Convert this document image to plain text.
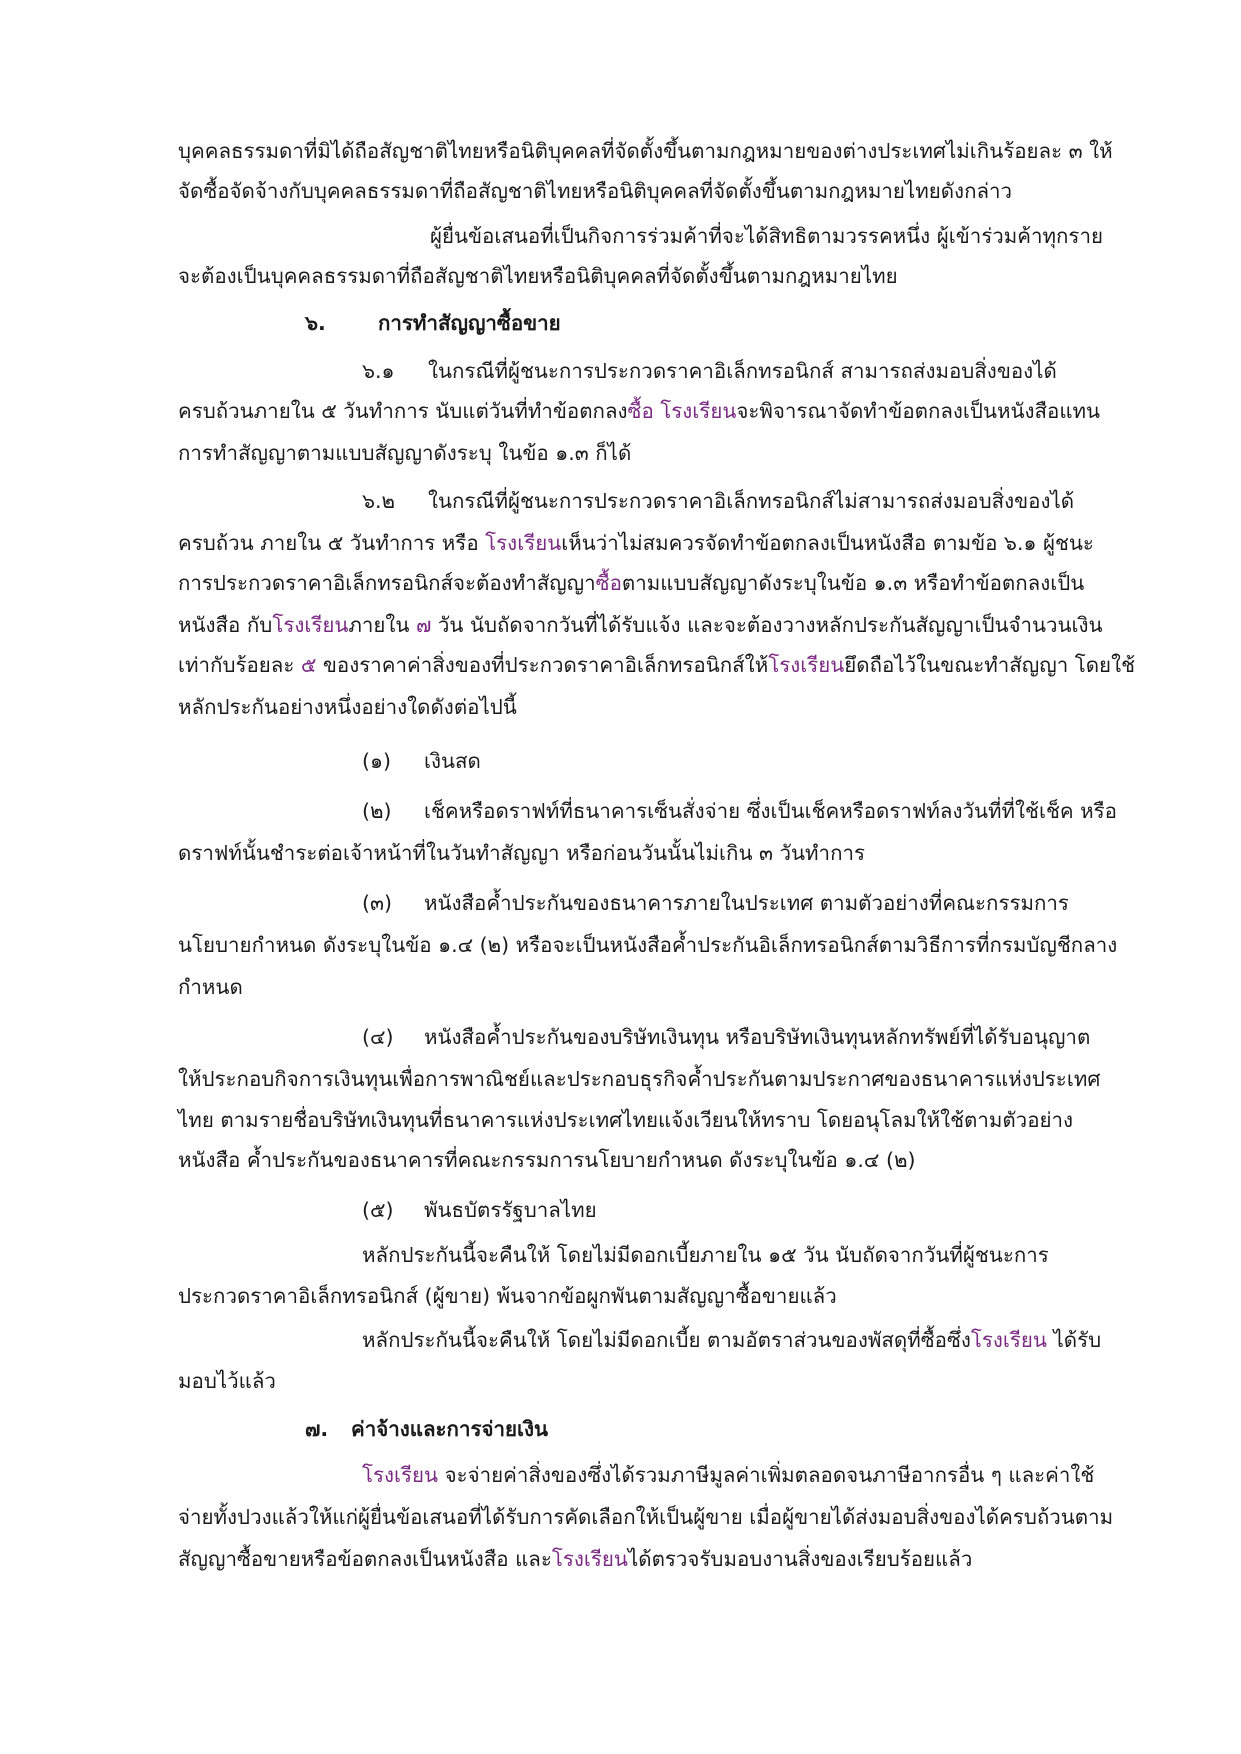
บุคคลธรรมดาที่มิได้ถือสัญชาติไทยหรือนิติบุคคลที่จัดตั้งขึ้นตามกฎหมายของต่างประเทศไม่เกินร้อยละ ๓ ให้
จัดซื้อจัดจ้างกับบุคคลธรรมดาที่ถือสัญชาติไทยหรือนิติบุคคลที่จัดตั้งขึ้นตามกฎหมายไทยดังกล่าว
ผู้ยื่นข้อเสนอที่เป็นกิจการร่วมค้าที่จะได้สิทธิตามวรรคหนึ่ง ผู้เข้าร่วมค้าทุกราย
จะต้องเป็นบุคคลธรรมดาที่ถือสัญชาติไทยหรือนิติบุคคลที่จัดตั้งขึ้นตามกฎหมายไทย
๖.	การทำสัญญาซื้อขาย
๖.๑ ในกรณีที่ผู้ชนะการประกวดราคาอิเล็กทรอนิกส์ สามารถส่งมอบสิ่งของได้
ครบถ้วนภายใน ๕ วันทำการ นับแต่วันที่ทำข้อตกลงซื้อ โรงเรียนจะพิจารณาจัดทำข้อตกลงเป็นหนังสือแทน
การทำสัญญาตามแบบสัญญาดังระบุ ในข้อ ๑.๓ ก็ได้
๖.๒ ในกรณีที่ผู้ชนะการประกวดราคาอิเล็กทรอนิกส์ไม่สามารถส่งมอบสิ่งของได้
ครบถ้วน ภายใน ๕ วันทำการ หรือ โรงเรียนเห็นว่าไม่สมควรจัดทำข้อตกลงเป็นหนังสือ ตามข้อ ๖.๑ ผู้ชนะ
การประกวดราคาอิเล็กทรอนิกส์จะต้องทำสัญญาซื้อตามแบบสัญญาดังระบุในข้อ ๑.๓ หรือทำข้อตกลงเป็น
หนังสือ กับโรงเรียนภายใน ๗ วัน นับถัดจากวันที่ได้รับแจ้ง และจะต้องวางหลักประกันสัญญาเป็นจำนวนเงิน
เท่ากับร้อยละ ๕ ของราคาค่าสิ่งของที่ประกวดราคาอิเล็กทรอนิกส์ให้โรงเรียนยึดถือไว้ในขณะทำสัญญา โดยใช้
หลักประกันอย่างหนึ่งอย่างใดดังต่อไปนี้
(๑) เงินสด
(๒) เช็คหรือดราฟท์ที่ธนาคารเซ็นสั่งจ่าย ซึ่งเป็นเช็คหรือดราฟท์ลงวันที่ที่ใช้เช็ค หรือ
ดราฟท์นั้นชำระต่อเจ้าหน้าที่ในวันทำสัญญา หรือก่อนวันนั้นไม่เกิน ๓ วันทำการ
(๓) หนังสือค้ำประกันของธนาคารภายในประเทศ ตามตัวอย่างที่คณะกรรมการ
นโยบายกำหนด ดังระบุในข้อ ๑.๔ (๒) หรือจะเป็นหนังสือค้ำประกันอิเล็กทรอนิกส์ตามวิธีการที่กรมบัญชีกลาง
กำหนด
(๔) หนังสือค้ำประกันของบริษัทเงินทุน หรือบริษัทเงินทุนหลักทรัพย์ที่ได้รับอนุญาต
ให้ประกอบกิจการเงินทุนเพื่อการพาณิชย์และประกอบธุรกิจค้ำประกันตามประกาศของธนาคารแห่งประเทศ
ไทย ตามรายชื่อบริษัทเงินทุนที่ธนาคารแห่งประเทศไทยแจ้งเวียนให้ทราบ โดยอนุโลมให้ใช้ตามตัวอย่าง
หนังสือ ค้ำประกันของธนาคารที่คณะกรรมการนโยบายกำหนด ดังระบุในข้อ ๑.๔ (๒)
(๕) พันธบัตรรัฐบาลไทย
หลักประกันนี้จะคืนให้ โดยไม่มีดอกเบี้ยภายใน ๑๕ วัน นับถัดจากวันที่ผู้ชนะการ
ประกวดราคาอิเล็กทรอนิกส์ (ผู้ขาย) พ้นจากข้อผูกพันตามสัญญาซื้อขายแล้ว
หลักประกันนี้จะคืนให้ โดยไม่มีดอกเบี้ย ตามอัตราส่วนของพัสดุที่ซื้อซึ่งโรงเรียน ได้รับ
มอบไว้แล้ว
๗. ค่าจ้างและการจ่ายเงิน
โรงเรียน จะจ่ายค่าสิ่งของซึ่งได้รวมภาษีมูลค่าเพิ่มตลอดจนภาษีอากรอื่น ๆ และค่าใช้
จ่ายทั้งปวงแล้วให้แก่ผู้ยื่นข้อเสนอที่ได้รับการคัดเลือกให้เป็นผู้ขาย เมื่อผู้ขายได้ส่งมอบสิ่งของได้ครบถ้วนตาม
สัญญาซื้อขายหรือข้อตกลงเป็นหนังสือ และโรงเรียนได้ตรวจรับมอบงานสิ่งของเรียบร้อยแล้ว
